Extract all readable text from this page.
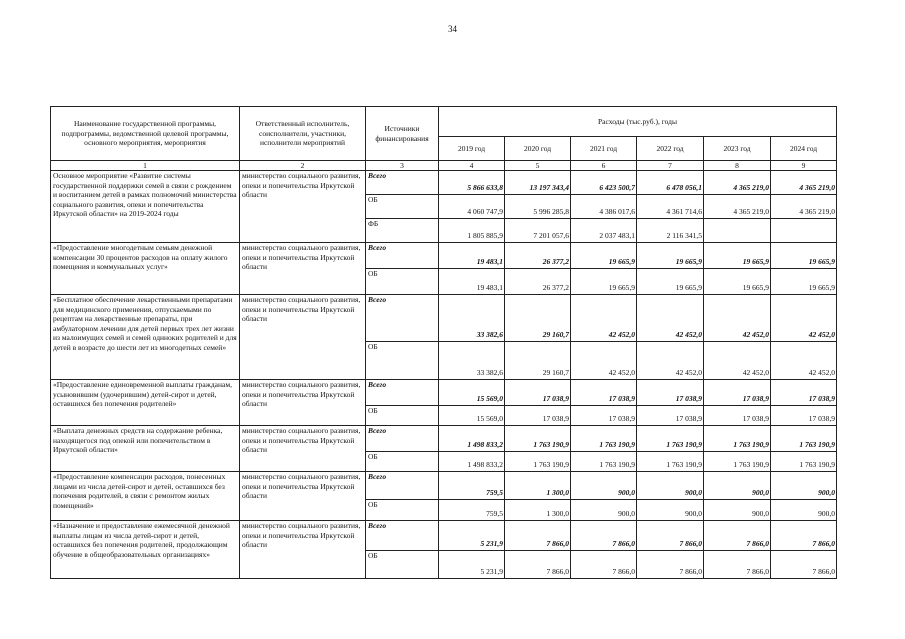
34
Наименование государственной программы, подпрограммы, ведомственной целевой программы, основного мероприятия, мероприятия	Ответственный исполнитель, соисполнители, участники, исполнители мероприятий	Источники финансирования	Расходы (тыс.руб.), годы					
			2019 год	2020 год	2021 год	2022 год	2023 год	2024 год
1	2	3	4	5	6	7	8	9
Основное мероприятие «Развитие системы государственной поддержки семей в связи с рождением и воспитанием детей в рамках полномочий министерства социального развития, опеки и попечительства Иркутской области» на 2019-2024 годы	министерство социального развития, опеки и попечительства Иркутской области	Всего	5 866 633,8	13 197 343,4	6 423 500,7	6 478 056,1	4 365 219,0	4 365 219,0
		ОБ	4 060 747,9	5 996 285,8	4 386 017,6	4 361 714,6	4 365 219,0	4 365 219,0
		ФБ	1 805 885,9	7 201 057,6	2 037 483,1	2 116 341,5		
«Предоставление многодетным семьям денежной компенсации 30 процентов расходов на оплату жилого помещения и коммунальных услуг»	министерство социального развития, опеки и попечительства Иркутской области	Всего	19 483,1	26 377,2	19 665,9	19 665,9	19 665,9	19 665,9
		ОБ	19 483,1	26 377,2	19 665,9	19 665,9	19 665,9	19 665,9
«Бесплатное обеспечение лекарственными препаратами для медицинского применения, отпускаемыми по рецептам на лекарственные препараты, при амбулаторном лечении для детей первых трех лет жизни из малоимущих семей и семей одиноких родителей и для детей в возрасте до шести лет из многодетных семей»	министерство социального развития, опеки и попечительства Иркутской области	Всего	33 382,6	29 160,7	42 452,0	42 452,0	42 452,0	42 452,0
		ОБ	33 382,6	29 160,7	42 452,0	42 452,0	42 452,0	42 452,0
«Предоставление единовременной выплаты гражданам, усыновившим (удочерившим) детей-сирот и детей, оставшихся без попечения родителей»	министерство социального развития, опеки и попечительства Иркутской области	Всего	15 569,0	17 038,9	17 038,9	17 038,9	17 038,9	17 038,9
		ОБ	15 569,0	17 038,9	17 038,9	17 038,9	17 038,9	17 038,9
«Выплата денежных средств на содержание ребенка, находящегося под опекой или попечительством в Иркутской области»	министерство социального развития, опеки и попечительства Иркутской области	Всего	1 498 833,2	1 763 190,9	1 763 190,9	1 763 190,9	1 763 190,9	1 763 190,9
		ОБ	1 498 833,2	1 763 190,9	1 763 190,9	1 763 190,9	1 763 190,9	1 763 190,9
«Предоставление компенсации расходов, понесенных лицами из числа детей-сирот и детей, оставшихся без попечения родителей, в связи с ремонтом жилых помещений»	министерство социального развития, опеки и попечительства Иркутской области	Всего	759,5	1 300,0	900,0	900,0	900,0	900,0
		ОБ	759,5	1 300,0	900,0	900,0	900,0	900,0
«Назначение и предоставление ежемесячной денежной выплаты лицам из числа детей-сирот и детей, оставшихся без попечения родителей, продолжающим обучение в общеобразовательных организациях»	министерство социального развития, опеки и попечительства Иркутской области	Всего	5 231,9	7 866,0	7 866,0	7 866,0	7 866,0	7 866,0
		ОБ	5 231,9	7 866,0	7 866,0	7 866,0	7 866,0	7 866,0
